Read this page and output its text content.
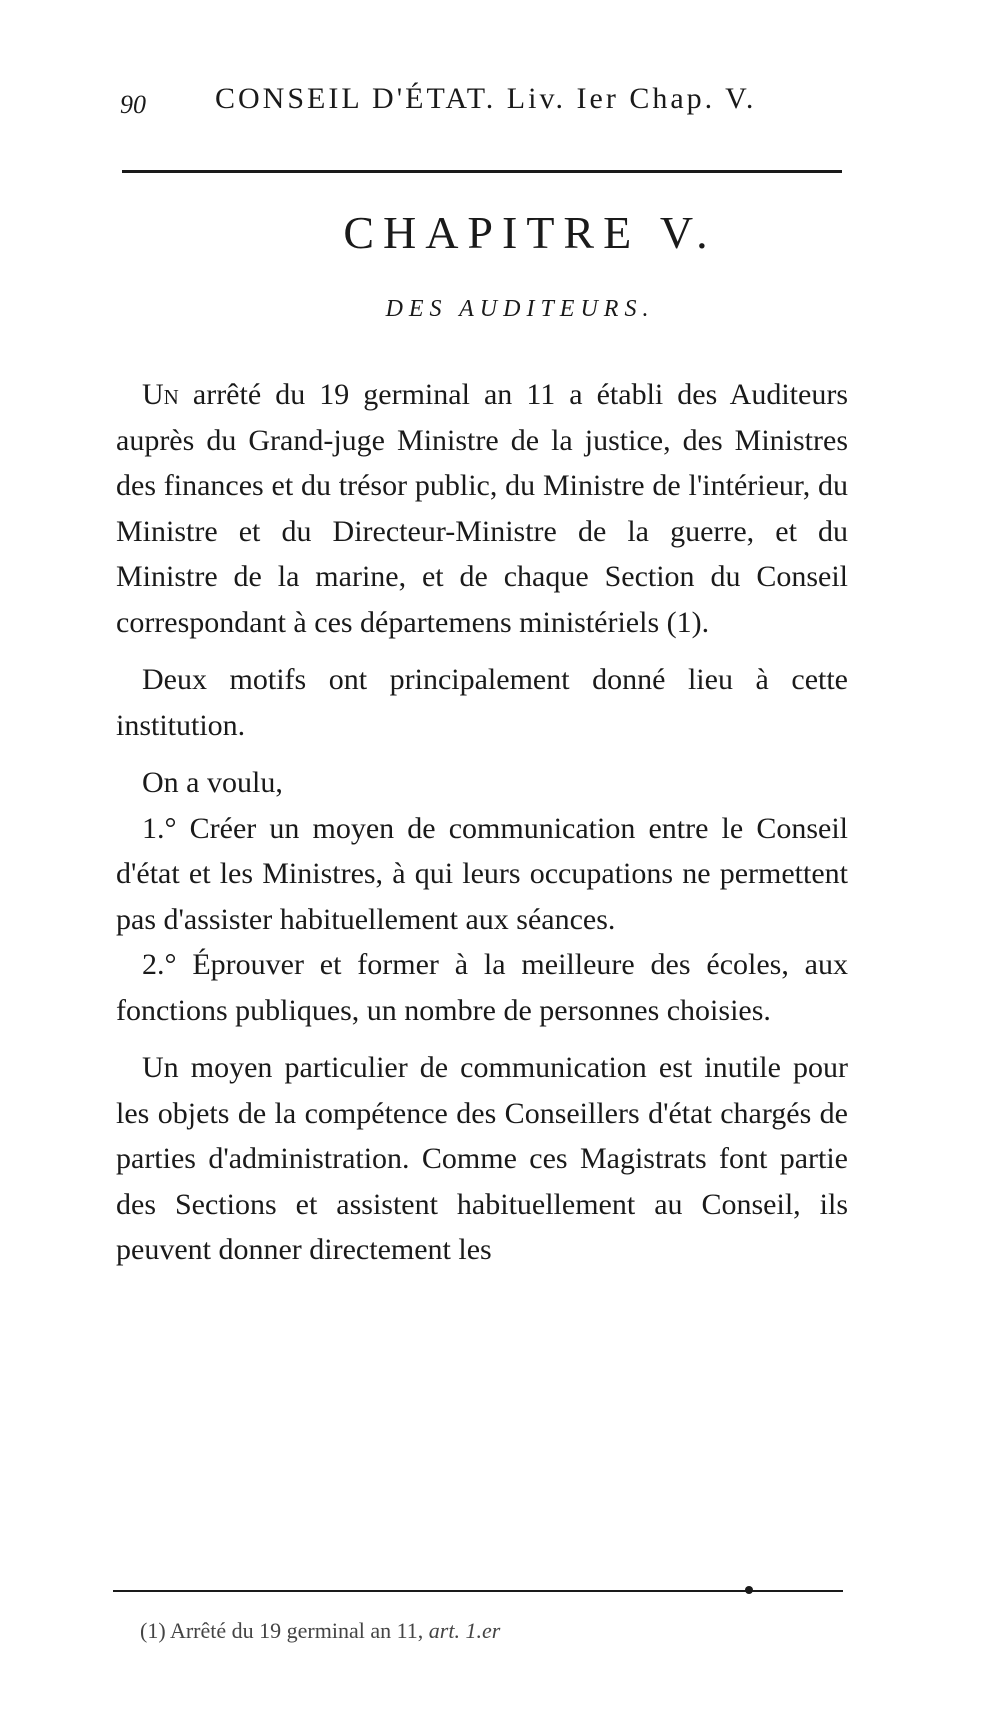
90 CONSEIL D'ÉTAT. Liv. Ier Chap. V.
CHAPITRE V.
DES AUDITEURS.

Un arrêté du 19 germinal an 11 a établi des Auditeurs auprès du Grand-juge Ministre de la justice, des Ministres des finances et du trésor public, du Ministre de l'intérieur, du Ministre et du Directeur-Ministre de la guerre, et du Ministre de la marine, et de chaque Section du Conseil correspondant à ces départemens ministériels (1).

Deux motifs ont principalement donné lieu à cette institution.

On a voulu,

1.° Créer un moyen de communication entre le Conseil d'état et les Ministres, à qui leurs occupations ne permettent pas d'assister habituellement aux séances.

2.° Éprouver et former à la meilleure des écoles, aux fonctions publiques, un nombre de personnes choisies.

Un moyen particulier de communication est inutile pour les objets de la compétence des Conseillers d'état chargés de parties d'administration. Comme ces Magistrats font partie des Sections et assistent habituellement au Conseil, ils peuvent donner directement les

(1) Arrêté du 19 germinal an 11, art. 1.er
